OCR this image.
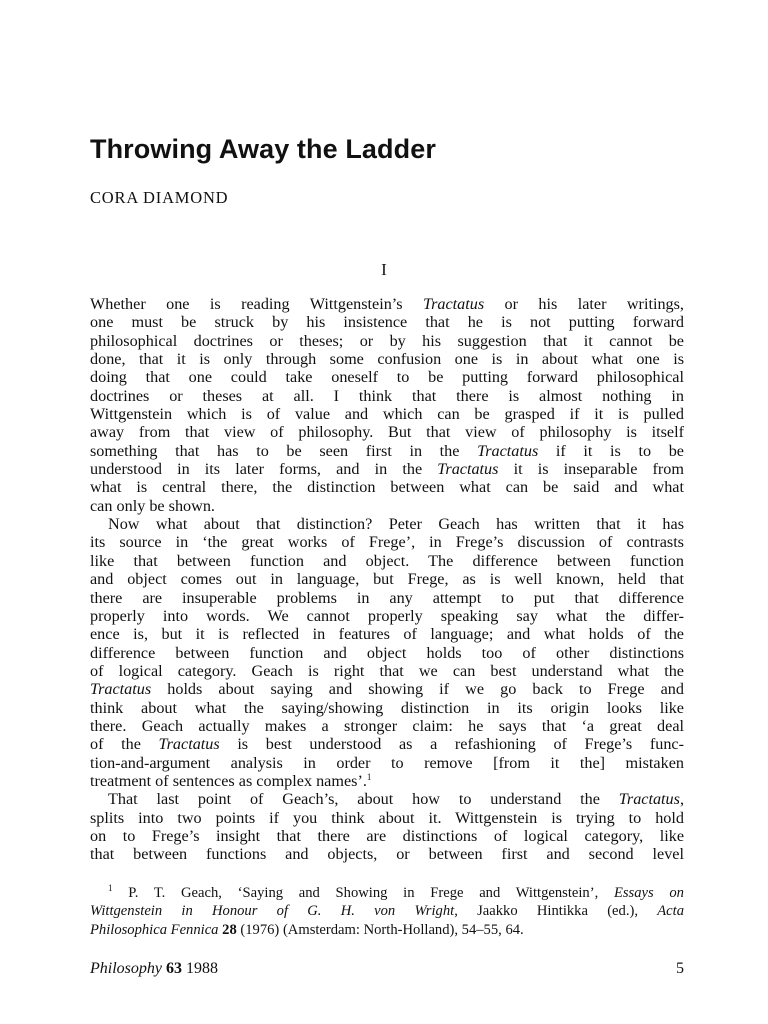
Throwing Away the Ladder
CORA DIAMOND
I

Whether one is reading Wittgenstein’s Tractatus or his later writings,
one must be struck by his insistence that he is not putting forward
philosophical doctrines or theses; or by his suggestion that it cannot be
done, that it is only through some confusion one is in about what one is
doing that one could take oneself to be putting forward philosophical
doctrines or theses at all. I think that there is almost nothing in
Wittgenstein which is of value and which can be grasped if it is pulled
away from that view of philosophy. But that view of philosophy is itself
something that has to be seen first in the Tractatus if it is to be
understood in its later forms, and in the Tractatus it is inseparable from
what is central there, the distinction between what can be said and what
can only be shown.

Now what about that distinction? Peter Geach has written that it has
its source in ‘the great works of Frege’, in Frege’s discussion of contrasts
like that between function and object. The difference between function
and object comes out in language, but Frege, as is well known, held that
there are insuperable problems in any attempt to put that difference
properly into words. We cannot properly speaking say what the differ-
ence is, but it is reflected in features of language; and what holds of the
difference between function and object holds too of other distinctions
of logical category. Geach is right that we can best understand what the
Tractatus holds about saying and showing if we go back to Frege and
think about what the saying/showing distinction in its origin looks like
there. Geach actually makes a stronger claim: he says that ‘a great deal
of the Tractatus is best understood as a refashioning of Frege’s func-
tion-and-argument analysis in order to remove [from it the] mistaken
treatment of sentences as complex names’.$^1$

That last point of Geach’s, about how to understand the Tractatus,
splits into two points if you think about it. Wittgenstein is trying to hold
on to Frege’s insight that there are distinctions of logical category, like
that between functions and objects, or between first and second level

$^1$ P. T. Geach, ‘Saying and Showing in Frege and Wittgenstein’, Essays on
Wittgenstein in Honour of G. H. von Wright, Jaakko Hintikka (ed.), Acta
Philosophica Fennica 28 (1976) (Amsterdam: North-Holland), 54–55, 64.

Philosophy 63 1988	5
